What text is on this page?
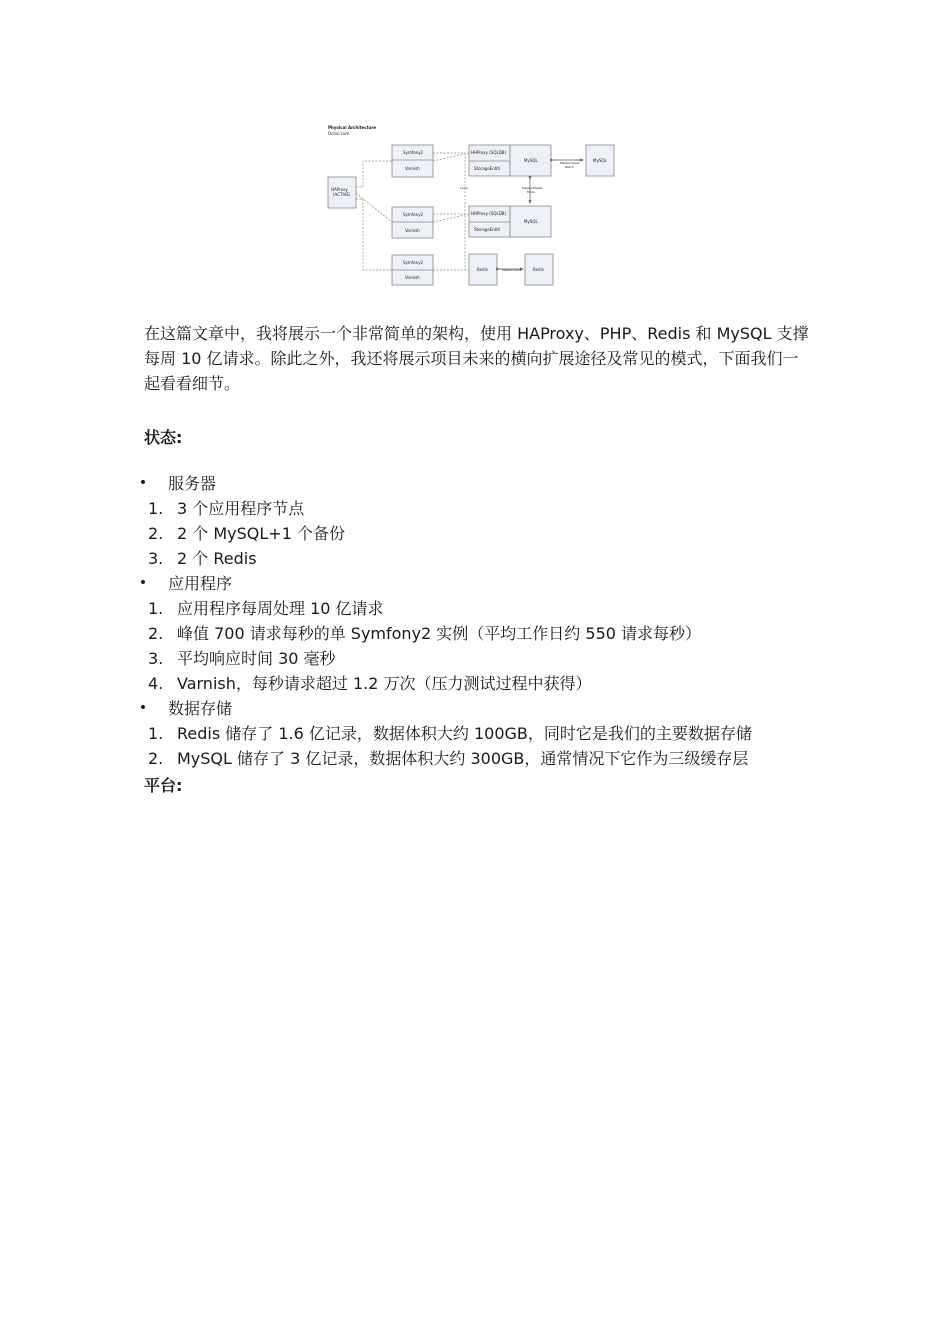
Physical Architecture
Octivi.com
HAProxy
(ACTIVE)
Symfony2
Varnish
Symfony2
Varnish
Symfony2
Varnish
HHProxy (SQLDB)
StorageEntitl
MySQL
HHProxy (SQLDB)
StorageEntitl
MySQL
MySQL
Redis	Redis
Master-Slave
Batch
Master-Master
Finds
Master-Slave
Local

在这篇文章中，我将展示一个非常简单的架构，使用 HAProxy、PHP、Redis 和 MySQL 支撑每周 10 亿请求。除此之外，我还将展示项目未来的横向扩展途径及常见的模式，下面我们一起看看细节。

状态:

• 服务器
1. 3 个应用程序节点
2. 2 个 MySQL+1 个备份
3. 2 个 Redis
• 应用程序
1. 应用程序每周处理 10 亿请求
2. 峰值 700 请求每秒的单 Symfony2 实例（平均工作日约 550 请求每秒）
3. 平均响应时间 30 毫秒
4. Varnish，每秒请求超过 1.2 万次（压力测试过程中获得）
• 数据存储
1. Redis 储存了 1.6 亿记录，数据体积大约 100GB，同时它是我们的主要数据存储
2. MySQL 储存了 3 亿记录，数据体积大约 300GB，通常情况下它作为三级缓存层

平台:
